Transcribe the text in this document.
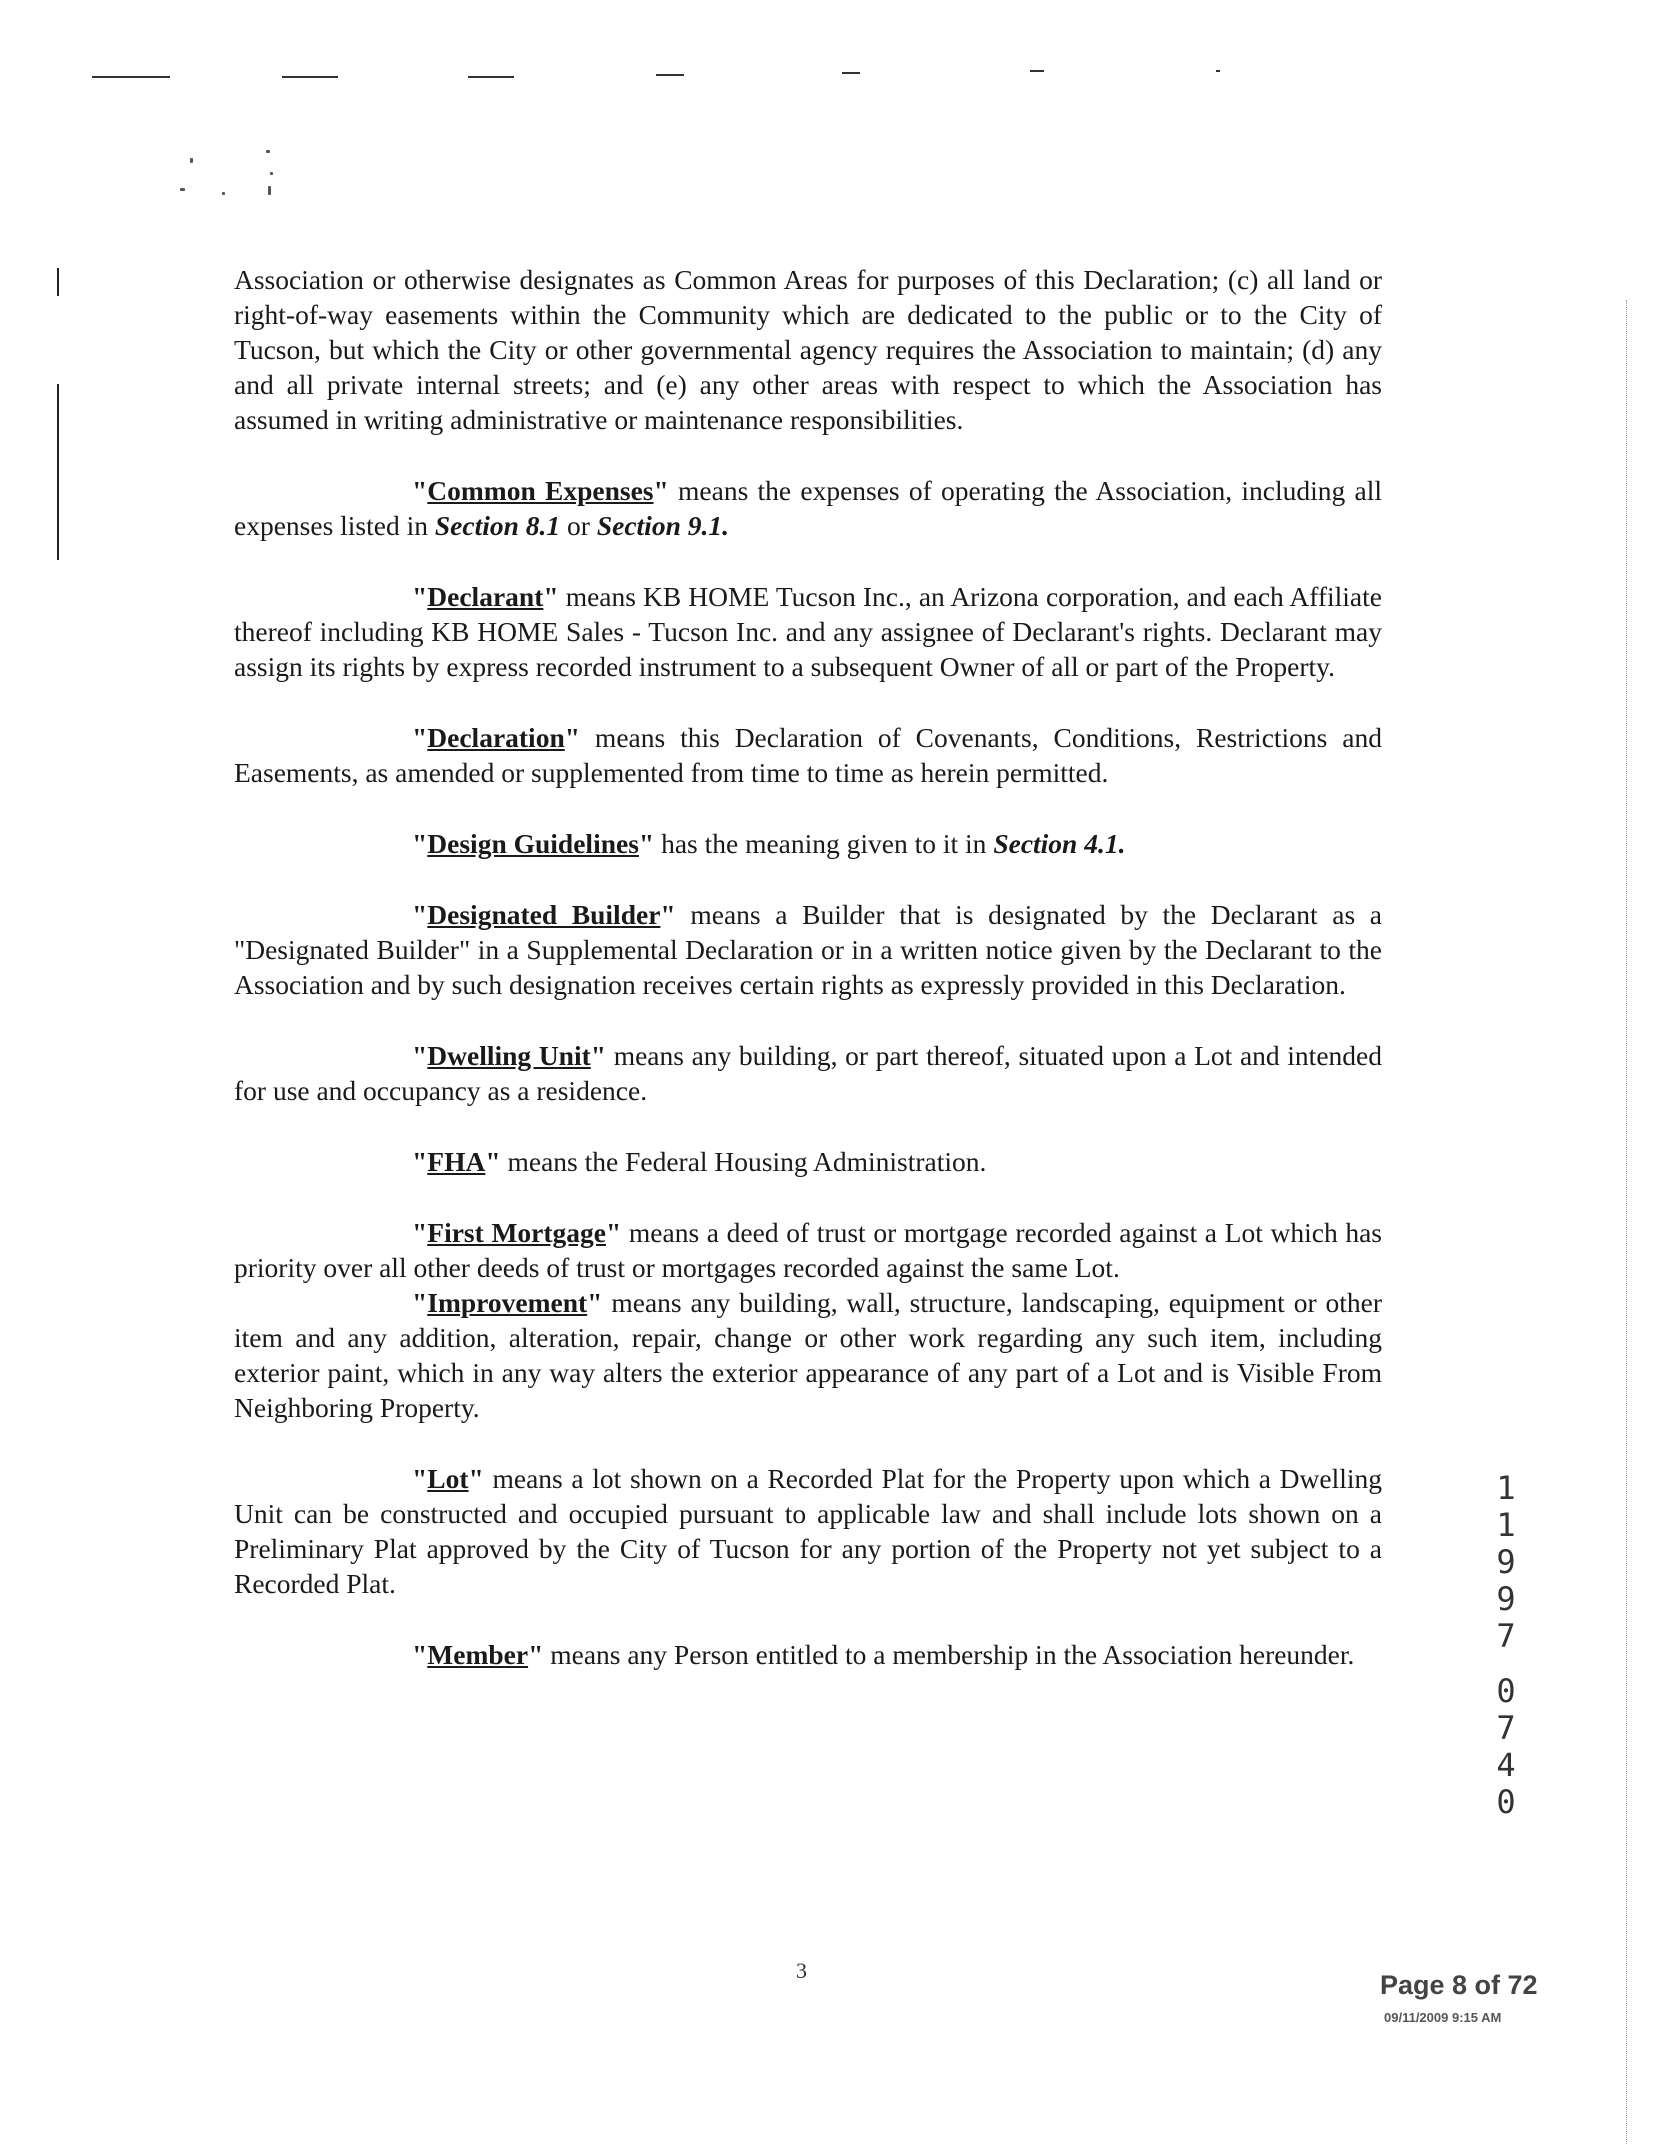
Association or otherwise designates as Common Areas for purposes of this Declaration; (c) all land or right-of-way easements within the Community which are dedicated to the public or to the City of Tucson, but which the City or other governmental agency requires the Association to maintain; (d) any and all private internal streets; and (e) any other areas with respect to which the Association has assumed in writing administrative or maintenance responsibilities.

"Common Expenses" means the expenses of operating the Association, including all expenses listed in Section 8.1 or Section 9.1.

"Declarant" means KB HOME Tucson Inc., an Arizona corporation, and each Affiliate thereof including KB HOME Sales - Tucson Inc. and any assignee of Declarant's rights. Declarant may assign its rights by express recorded instrument to a subsequent Owner of all or part of the Property.

"Declaration" means this Declaration of Covenants, Conditions, Restrictions and Easements, as amended or supplemented from time to time as herein permitted.

"Design Guidelines" has the meaning given to it in Section 4.1.

"Designated Builder" means a Builder that is designated by the Declarant as a "Designated Builder" in a Supplemental Declaration or in a written notice given by the Declarant to the Association and by such designation receives certain rights as expressly provided in this Declaration.

"Dwelling Unit" means any building, or part thereof, situated upon a Lot and intended for use and occupancy as a residence.

"FHA" means the Federal Housing Administration.

"First Mortgage" means a deed of trust or mortgage recorded against a Lot which has priority over all other deeds of trust or mortgages recorded against the same Lot.

"Improvement" means any building, wall, structure, landscaping, equipment or other item and any addition, alteration, repair, change or other work regarding any such item, including exterior paint, which in any way alters the exterior appearance of any part of a Lot and is Visible From Neighboring Property.

"Lot" means a lot shown on a Recorded Plat for the Property upon which a Dwelling Unit can be constructed and occupied pursuant to applicable law and shall include lots shown on a Preliminary Plat approved by the City of Tucson for any portion of the Property not yet subject to a Recorded Plat.

"Member" means any Person entitled to a membership in the Association hereunder.

1
1
9
9
7
0
7
4
0
3	Page 8 of 72
09/11/2009 9:15 AM
